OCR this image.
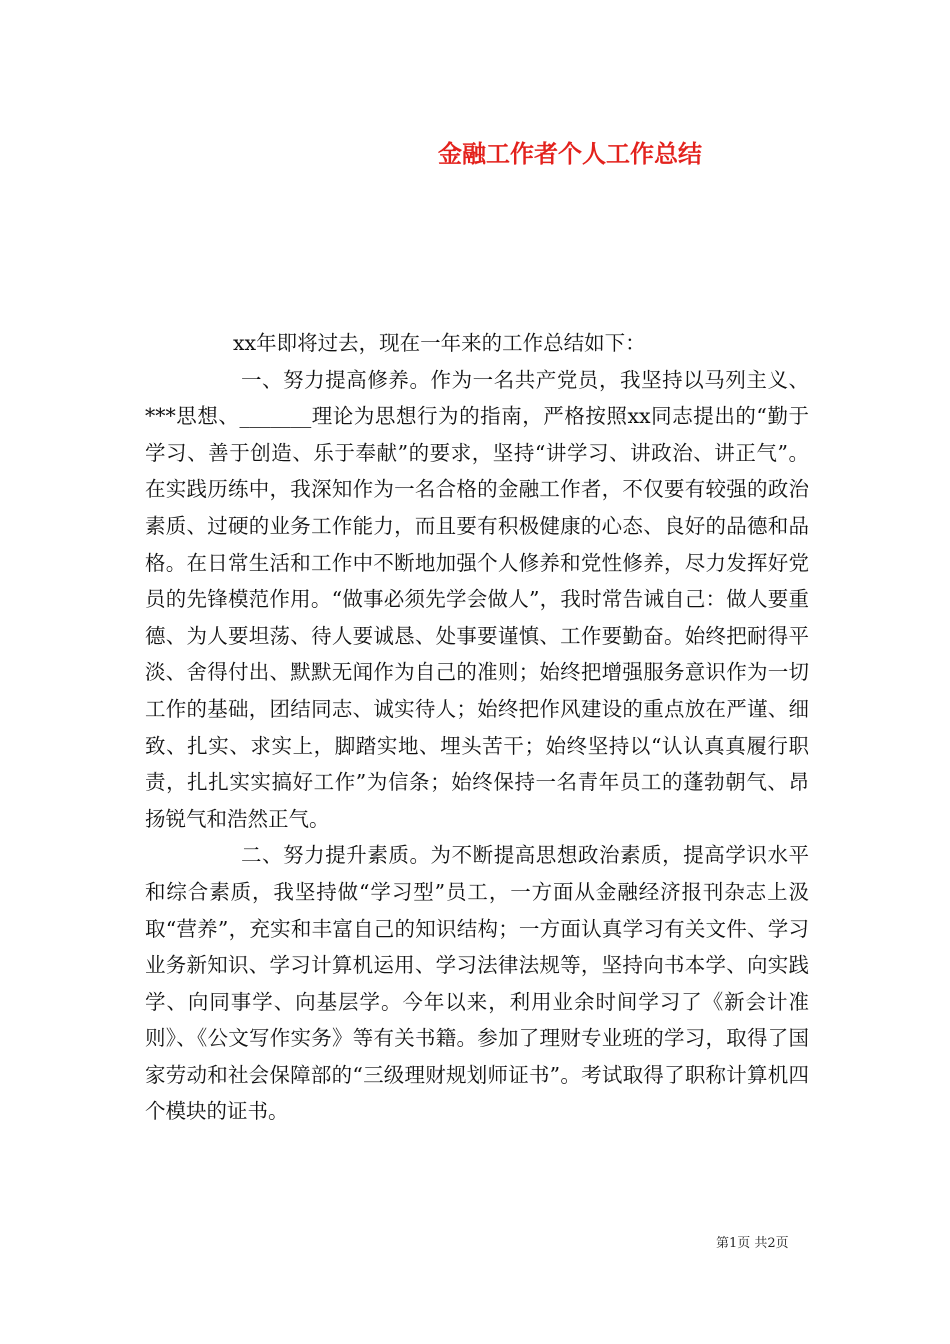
金融工作者个人工作总结

xx年即将过去，现在一年来的工作总结如下：

一、努力提高修养。作为一名共产党员，我坚持以马列主义、***思想、_______理论为思想行为的指南，严格按照xx同志提出的“勤于学习、善于创造、乐于奉献”的要求，坚持“讲学习、讲政治、讲正气”。在实践历练中，我深知作为一名合格的金融工作者，不仅要有较强的政治素质、过硬的业务工作能力，而且要有积极健康的心态、良好的品德和品格。在日常生活和工作中不断地加强个人修养和党性修养，尽力发挥好党员的先锋模范作用。“做事必须先学会做人”，我时常告诫自己：做人要重德、为人要坦荡、待人要诚恳、处事要谨慎、工作要勤奋。始终把耐得平淡、舍得付出、默默无闻作为自己的准则；始终把增强服务意识作为一切工作的基础，团结同志、诚实待人；始终把作风建设的重点放在严谨、细致、扎实、求实上，脚踏实地、埋头苦干；始终坚持以“认认真真履行职责，扎扎实实搞好工作”为信条；始终保持一名青年员工的蓬勃朝气、昂扬锐气和浩然正气。

二、努力提升素质。为不断提高思想政治素质，提高学识水平和综合素质，我坚持做“学习型”员工，一方面从金融经济报刊杂志上汲取“营养”，充实和丰富自己的知识结构；一方面认真学习有关文件、学习业务新知识、学习计算机运用、学习法律法规等，坚持向书本学、向实践学、向同事学、向基层学。今年以来，利用业余时间学习了《新会计准则》、《公文写作实务》等有关书籍。参加了理财专业班的学习，取得了国家劳动和社会保障部的“三级理财规划师证书”。考试取得了职称计算机四个模块的证书。

第1页 共2页
